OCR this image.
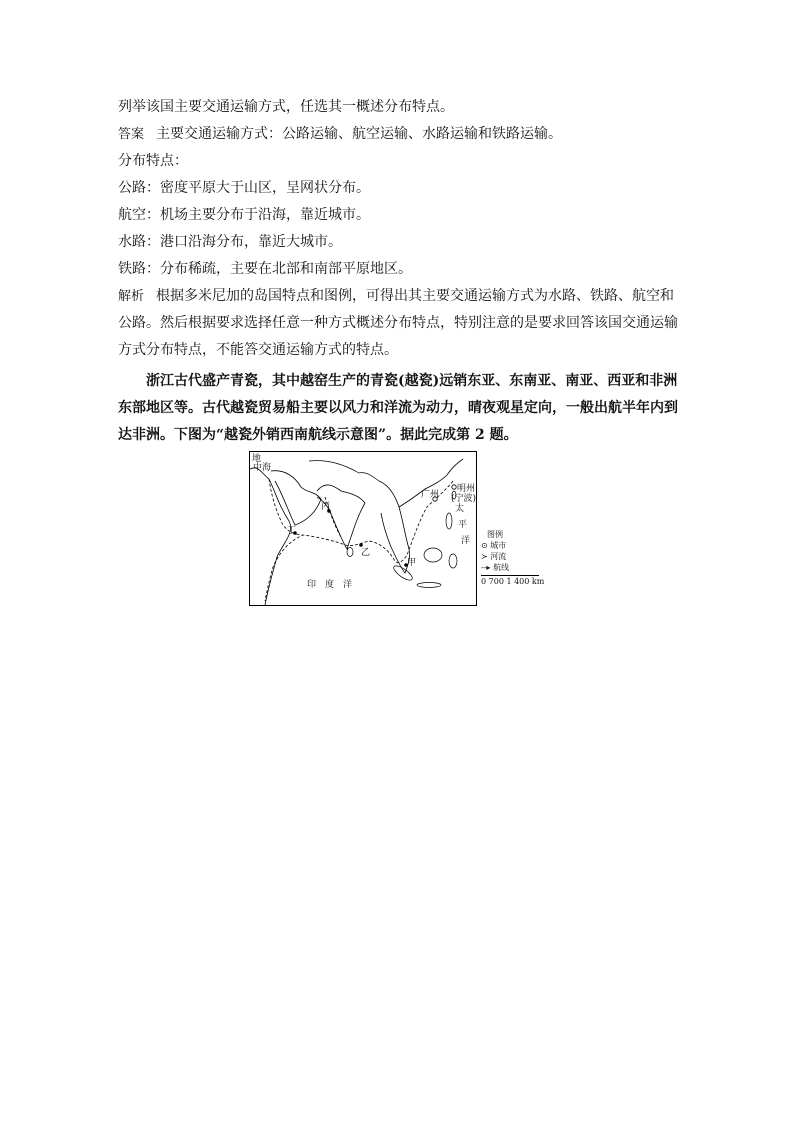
列举该国主要交通运输方式，任选其一概述分布特点。
答案 主要交通运输方式：公路运输、航空运输、水路运输和铁路运输。
分布特点：
公路：密度平原大于山区，呈网状分布。
航空：机场主要分布于沿海，靠近城市。
水路：港口沿海分布，靠近大城市。
铁路：分布稀疏，主要在北部和南部平原地区。
解析 根据多米尼加的岛国特点和图例，可得出其主要交通运输方式为水路、铁路、航空和
公路。然后根据要求选择任意一种方式概述分布特点，特别注意的是要求回答该国交通运输
方式分布特点，不能答交通运输方式的特点。
浙江古代盛产青瓷，其中越窑生产的青瓷(越瓷)远销东亚、东南亚、南亚、西亚和非洲
东部地区等。古代越瓷贸易船主要以风力和洋流为动力，晴夜观星定向，一般出航半年内到
达非洲。下图为“越瓷外销西南航线示意图”。据此完成第 2 题。
地
中海
明州
(宁波)
广州
太
平
洋
丙
丁
乙
甲
印　度　洋
图例
⊙ 城市
≻ 河流
--▸ 航线
0 700 1 400 km
